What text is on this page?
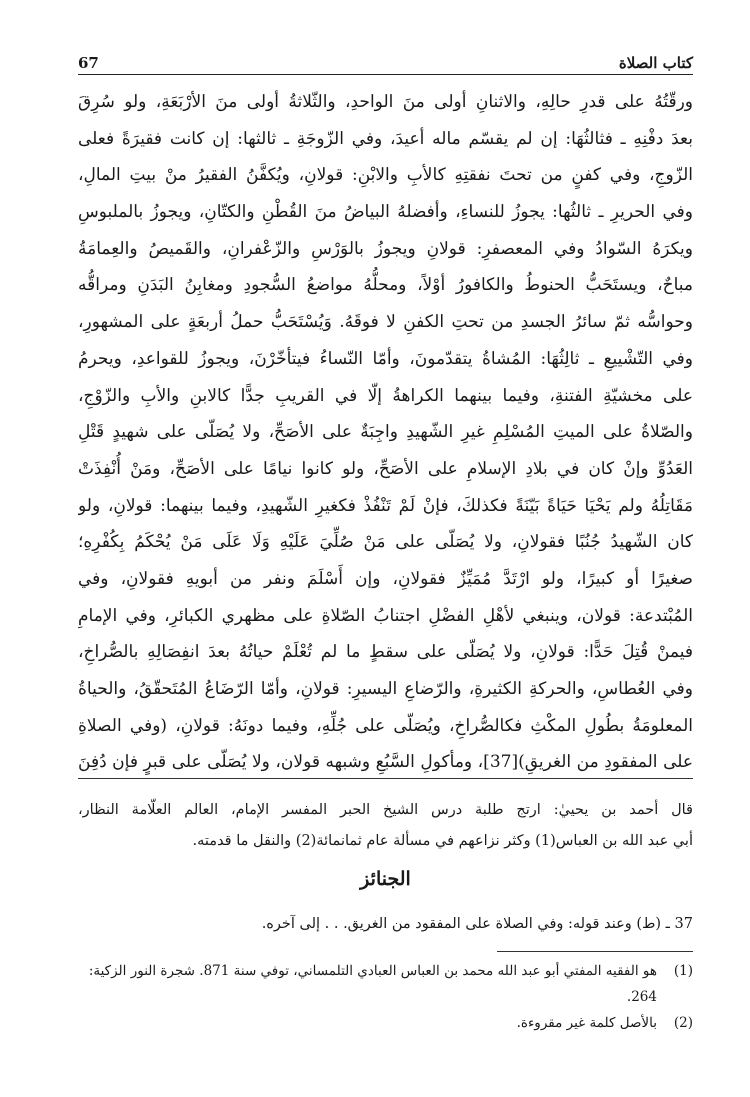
67	كتاب الصلاة
ورقّتُهُ على قدرِ حالِهِ، والاثنانِ أولى منَ الواحدِ، والثّلاثةُ أولى منَ الأرْبَعَةِ، ولو سُرِقَ
بعدَ دفْنِهِ ـ فثالثُهَا: إن لم يقسّم ماله أعيدَ، وفي الزّوجَةِ ـ ثالثها: إن كانت فقيرَةً فعلى
الزّوجِ، وفي كفنٍ من تحتَ نفقتِهِ كالأبِ والابْنِ: قولانِ، ويُكفَّنُ الفقيرُ منْ بيتِ المالِ،
وفي الحريرِ ـ ثالثُها: يجوزُ للنساءِ، وأفضلهُ البياضُ منَ القُطْنِ والكتّانِ، ويجوزُ بالملبوسِ
ويكرَهُ السّوادُ وفي المعصفرِ: قولانِ ويجوزُ بالوَرْسِ والزّعْفرانِ، والقَميصُ والعِمامَةُ
مباحٌ، ويستَحَبُّ الحنوطُ والكافورُ أوْلاً، ومحلُّهُ مواضعُ السُّجودِ ومغابِنُ البَدَنِ ومراقُّه
وحواسُّه ثمّ سائرُ الجسدِ من تحتِ الكفنِ لا فوقَهُ. وَيُسْتَحَبُّ حملُ أربعَةٍ على المشهورِ،
وفي التّشْييعِ ـ ثالِثُهَا: المُشاةُ يتقدّمونَ، وأمّا النّساءُ فيتأخّرْنَ، ويجوزُ للقواعدِ، ويحرمُ
على مخشيّةِ الفتنةِ، وفيما بينهما الكراهةُ إلّا في القريبِ جدًّا كالابنِ والأبِ والزّوْجِ،
والصّلاةُ على الميتِ المُسْلِمِ غيرِ الشّهيدِ واجِبَةٌ على الأصَحِّ، ولا يُصَلّى على شهيدٍ قَتْلِ
العَدُوِّ وإنْ كان في بلادِ الإسلامِ على الأصَحِّ، ولو كانوا نيامًا على الأصَحِّ، ومَنْ أُنْفِذَتْ
مَقَاتِلُهُ ولم يَحْيَا حَيَاةً بَيّنَةً فكذلكَ، فإنْ لَمْ تَنْفُذْ فكغيرِ الشّهيدِ، وفيما بينهما: قولانِ، ولو
كان الشّهيدُ جُنُبًا فقولانِ، ولا يُصَلّى على مَنْ صُلِّيَ عَلَيْهِ وَلَا عَلَى مَنْ يُحْكَمُ بِكُفْرِهِ؛
صغيرًا أو كبيرًا، ولو ارْتَدَّ مُمَيِّزٌ فقولانِ، وإن أَسْلَمَ ونفر من أبويهِ فقولانِ، وفي
المُبْتدعة: قولان، وينبغي لأهْلِ الفضْلِ اجتنابُ الصّلاةِ على مظهري الكبائرِ، وفي الإمامِ
فيمنْ قُتِلَ حَدًّا: قولانِ، ولا يُصَلّى على سقطٍ ما لم تُعْلَمْ حياتُهُ بعدَ انفِصَالِهِ بالصُّراخِ،
وفي العُطاسِ، والحركةِ الكثيرةِ، والرّضاعِ اليسيرِ: قولانِ، وأمّا الرّضَاعُ المُتَحقّقُ، والحياةُ
المعلومَةُ بطُولِ المكْثِ فكالصُّراخِ، ويُصَلّى على جُلِّهِ، وفيما دونَهُ: قولانِ، (وفي الصلاةِ
على المفقودِ من الغريقِ)[37]، ومأكولِ السَّبُعِ وشبهه قولان، ولا يُصَلّى على قبرٍ فإن دُفِنَ
قال أحمد بن يحييٰ: ارتج طلبة درس الشيخ الحبر المفسر الإمام، العالم العلّامة النظار،
أبي عبد الله بن العباس(1) وكثر نزاعهم في مسألة عام ثمانمائة(2) والنقل ما قدمته.
الجنائز
37 ـ (ط) وعند قوله: وفي الصلاة على المفقود من الغريق. . . إلى آخره.
(1)
هو الفقيه المفتي أبو عبد الله محمد بن العباس العبادي التلمساني، توفي سنة 871. شجرة النور الزكية: 264.
(2)
بالأصل كلمة غير مقروءة.
